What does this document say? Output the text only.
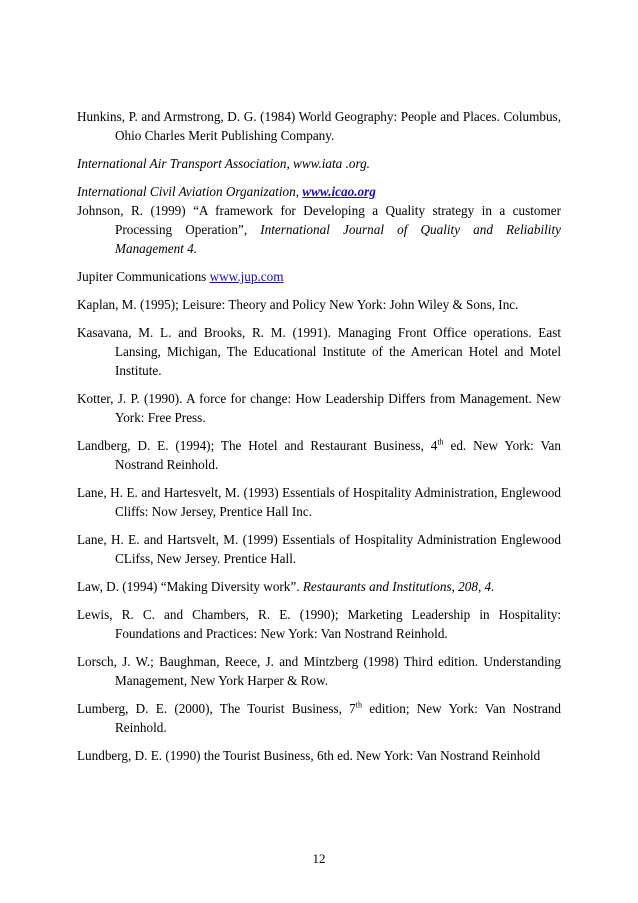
Hunkins, P. and Armstrong, D. G. (1984) World Geography: People and Places. Columbus, Ohio Charles Merit Publishing Company.

International Air Transport Association, www.iata .org.

International Civil Aviation Organization, www.icao.org

Johnson, R. (1999) “A framework for Developing a Quality strategy in a customer Processing Operation”, International Journal of Quality and Reliability Management 4.

Jupiter Communications www.jup.com

Kaplan, M. (1995); Leisure: Theory and Policy New York: John Wiley & Sons, Inc.

Kasavana, M. L. and Brooks, R. M. (1991). Managing Front Office operations. East Lansing, Michigan, The Educational Institute of the American Hotel and Motel Institute.

Kotter, J. P. (1990). A force for change: How Leadership Differs from Management. New York: Free Press.

Landberg, D. E. (1994); The Hotel and Restaurant Business, 4th ed. New York: Van Nostrand Reinhold.

Lane, H. E. and Hartesvelt, M. (1993) Essentials of Hospitality Administration, Englewood Cliffs: Now Jersey, Prentice Hall Inc.

Lane, H. E. and Hartsvelt, M. (1999) Essentials of Hospitality Administration Englewood CLifss, New Jersey. Prentice Hall.

Law, D. (1994) “Making Diversity work”. Restaurants and Institutions, 208, 4.

Lewis, R. C. and Chambers, R. E. (1990); Marketing Leadership in Hospitality: Foundations and Practices: New York: Van Nostrand Reinhold.

Lorsch, J. W.; Baughman, Reece, J. and Mintzberg (1998) Third edition. Understanding Management, New York Harper & Row.

Lumberg, D. E. (2000), The Tourist Business, 7th edition; New York: Van Nostrand Reinhold.

Lundberg, D. E. (1990) the Tourist Business, 6th ed. New York: Van Nostrand Reinhold

12
